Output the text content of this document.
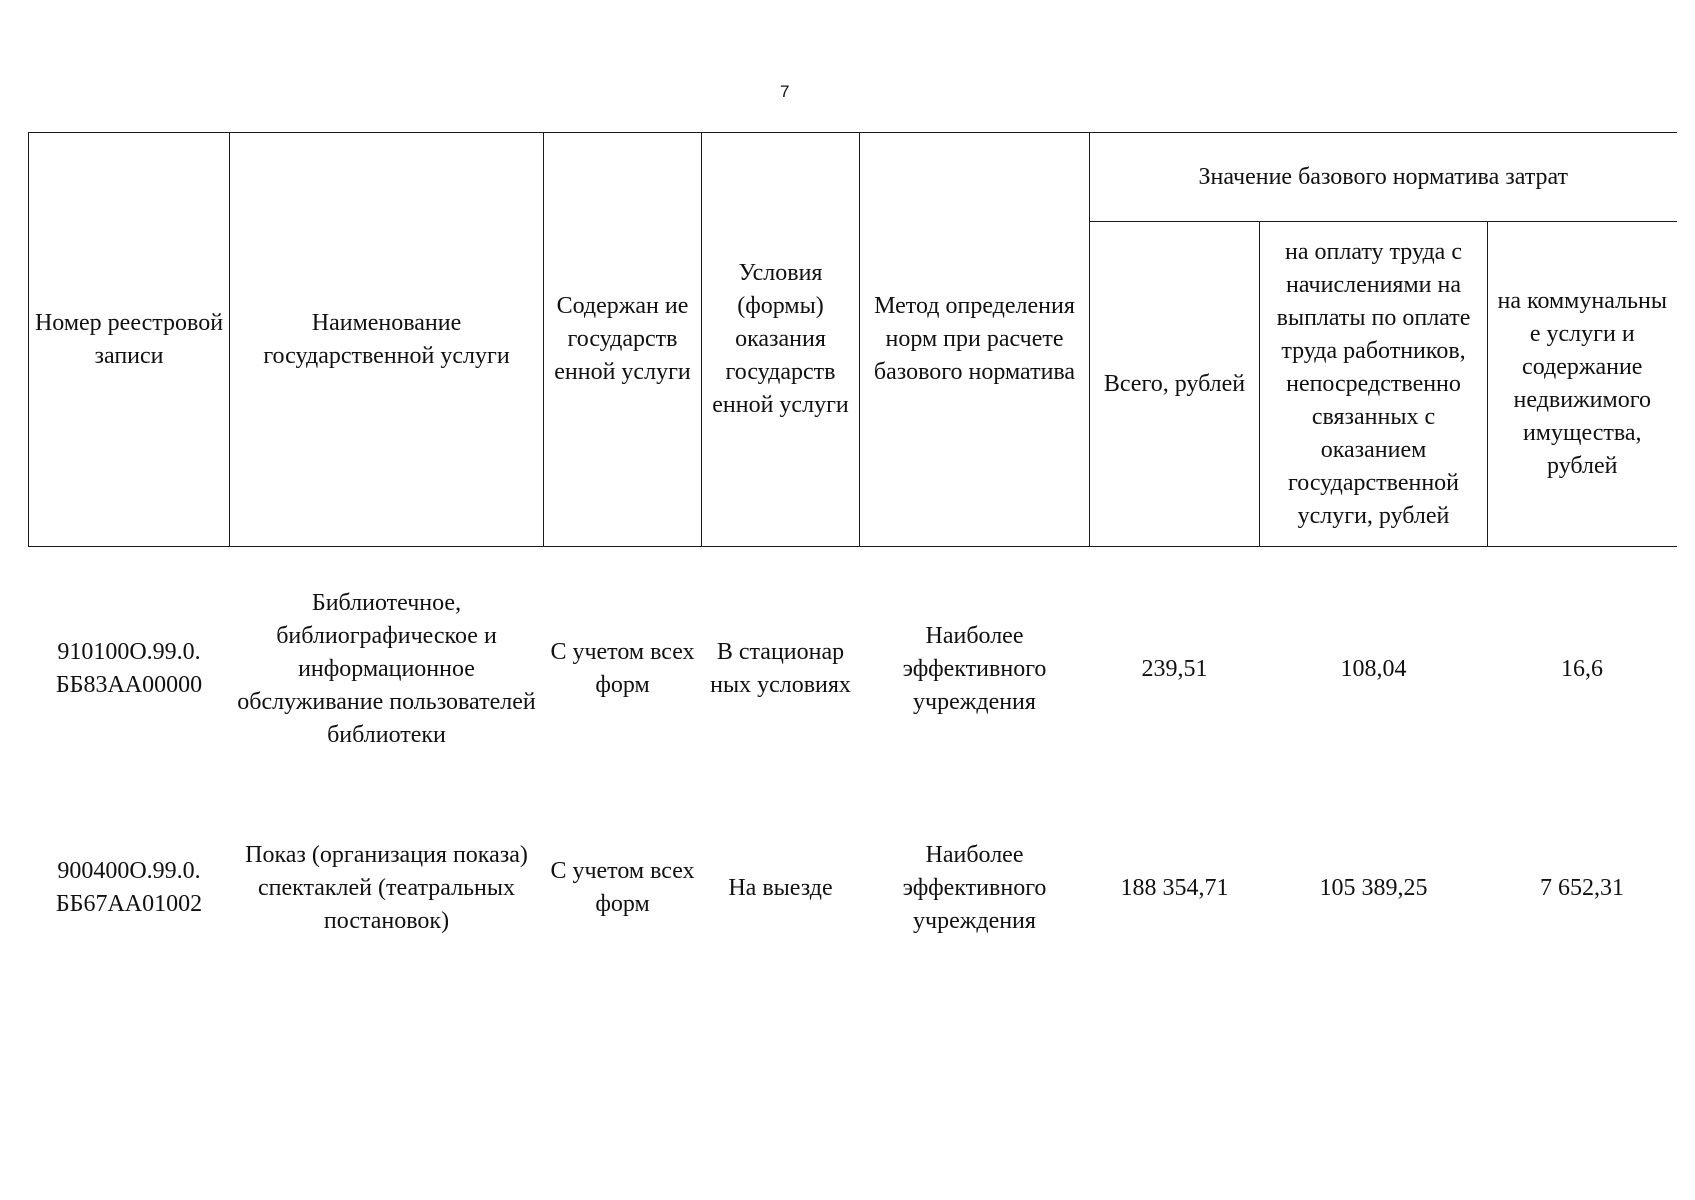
7
Номер реестровой записи	Наименование государственной услуги	Содержан ие государств енной услуги	Условия (формы) оказания государств енной услуги	Метод определения норм при расчете базового норматива	Значение базового норматива затрат		
					Всего, рублей	на оплату труда с начислениями на выплаты по оплате труда работников, непосредственно связанных с оказанием государственной услуги, рублей	на коммунальны е услуги и содержание недвижимого имущества, рублей
910100О.99.0. ББ83АА00000	Библиотечное, библиографическое и информационное обслуживание пользователей библиотеки	С учетом всех форм	В стационар ных условиях	Наиболее эффективного учреждения	239,51	108,04	16,6
900400О.99.0. ББ67АА01002	Показ (организация показа) спектаклей (театральных постановок)	С учетом всех форм	На выезде	Наиболее эффективного учреждения	188 354,71	105 389,25	7 652,31
